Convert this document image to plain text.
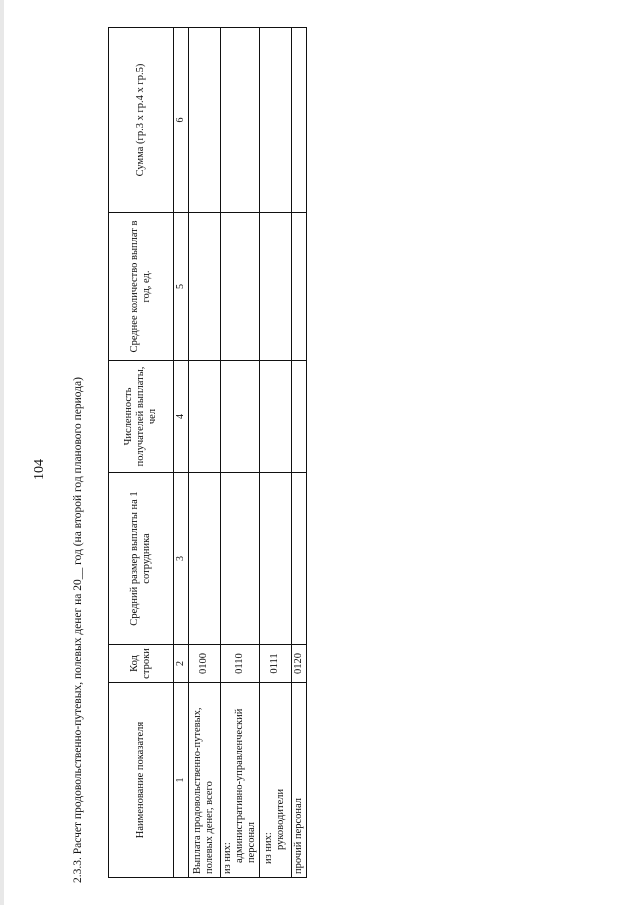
104 2.3.3. Расчет продовольственно-путевых, полевых денег на 20__ год (на второй год планового периода)	Наименование показателя	Код строки	Средний размер выплаты на 1 сотрудника	Численность получателей выплаты, чел	Среднее количество выплат в год, ед.	Сумма (гр.3 х гр.4 х гр.5)
1	2	3	4	5	6
Выплата продовольственно-путевых, полевых денег, всего	0100				

из них: административно-управленческий персонал	0110				

из них: руководители	0111				
прочий персонал	0120				
